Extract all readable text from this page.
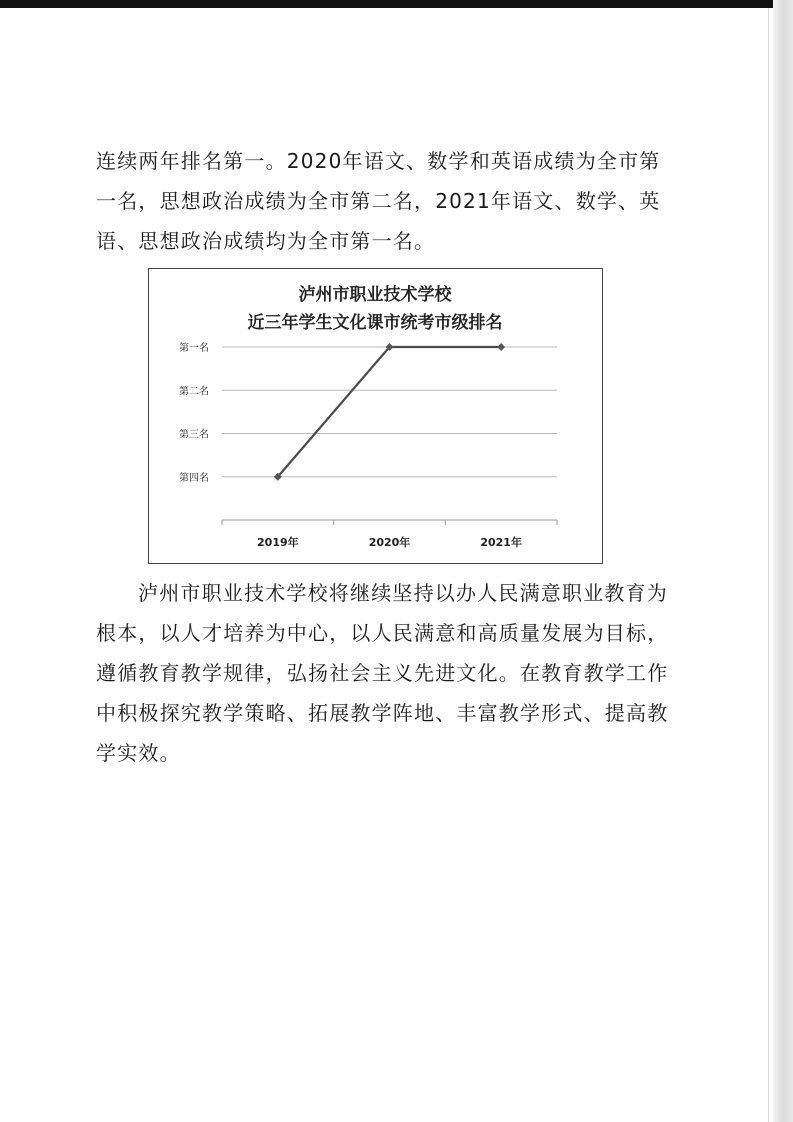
连续两年排名第一。2020年语文、数学和英语成绩为全市第一名，思想政治成绩为全市第二名，2021年语文、数学、英语、思想政治成绩均为全市第一名。

泸州市职业技术学校
近三年学生文化课市统考市级排名
第一名
第二名
第三名
第四名
2019年	2020年	2021年

泸州市职业技术学校将继续坚持以办人民满意职业教育为根本，以人才培养为中心，以人民满意和高质量发展为目标，遵循教育教学规律，弘扬社会主义先进文化。在教育教学工作中积极探究教学策略、拓展教学阵地、丰富教学形式、提高教学实效。
